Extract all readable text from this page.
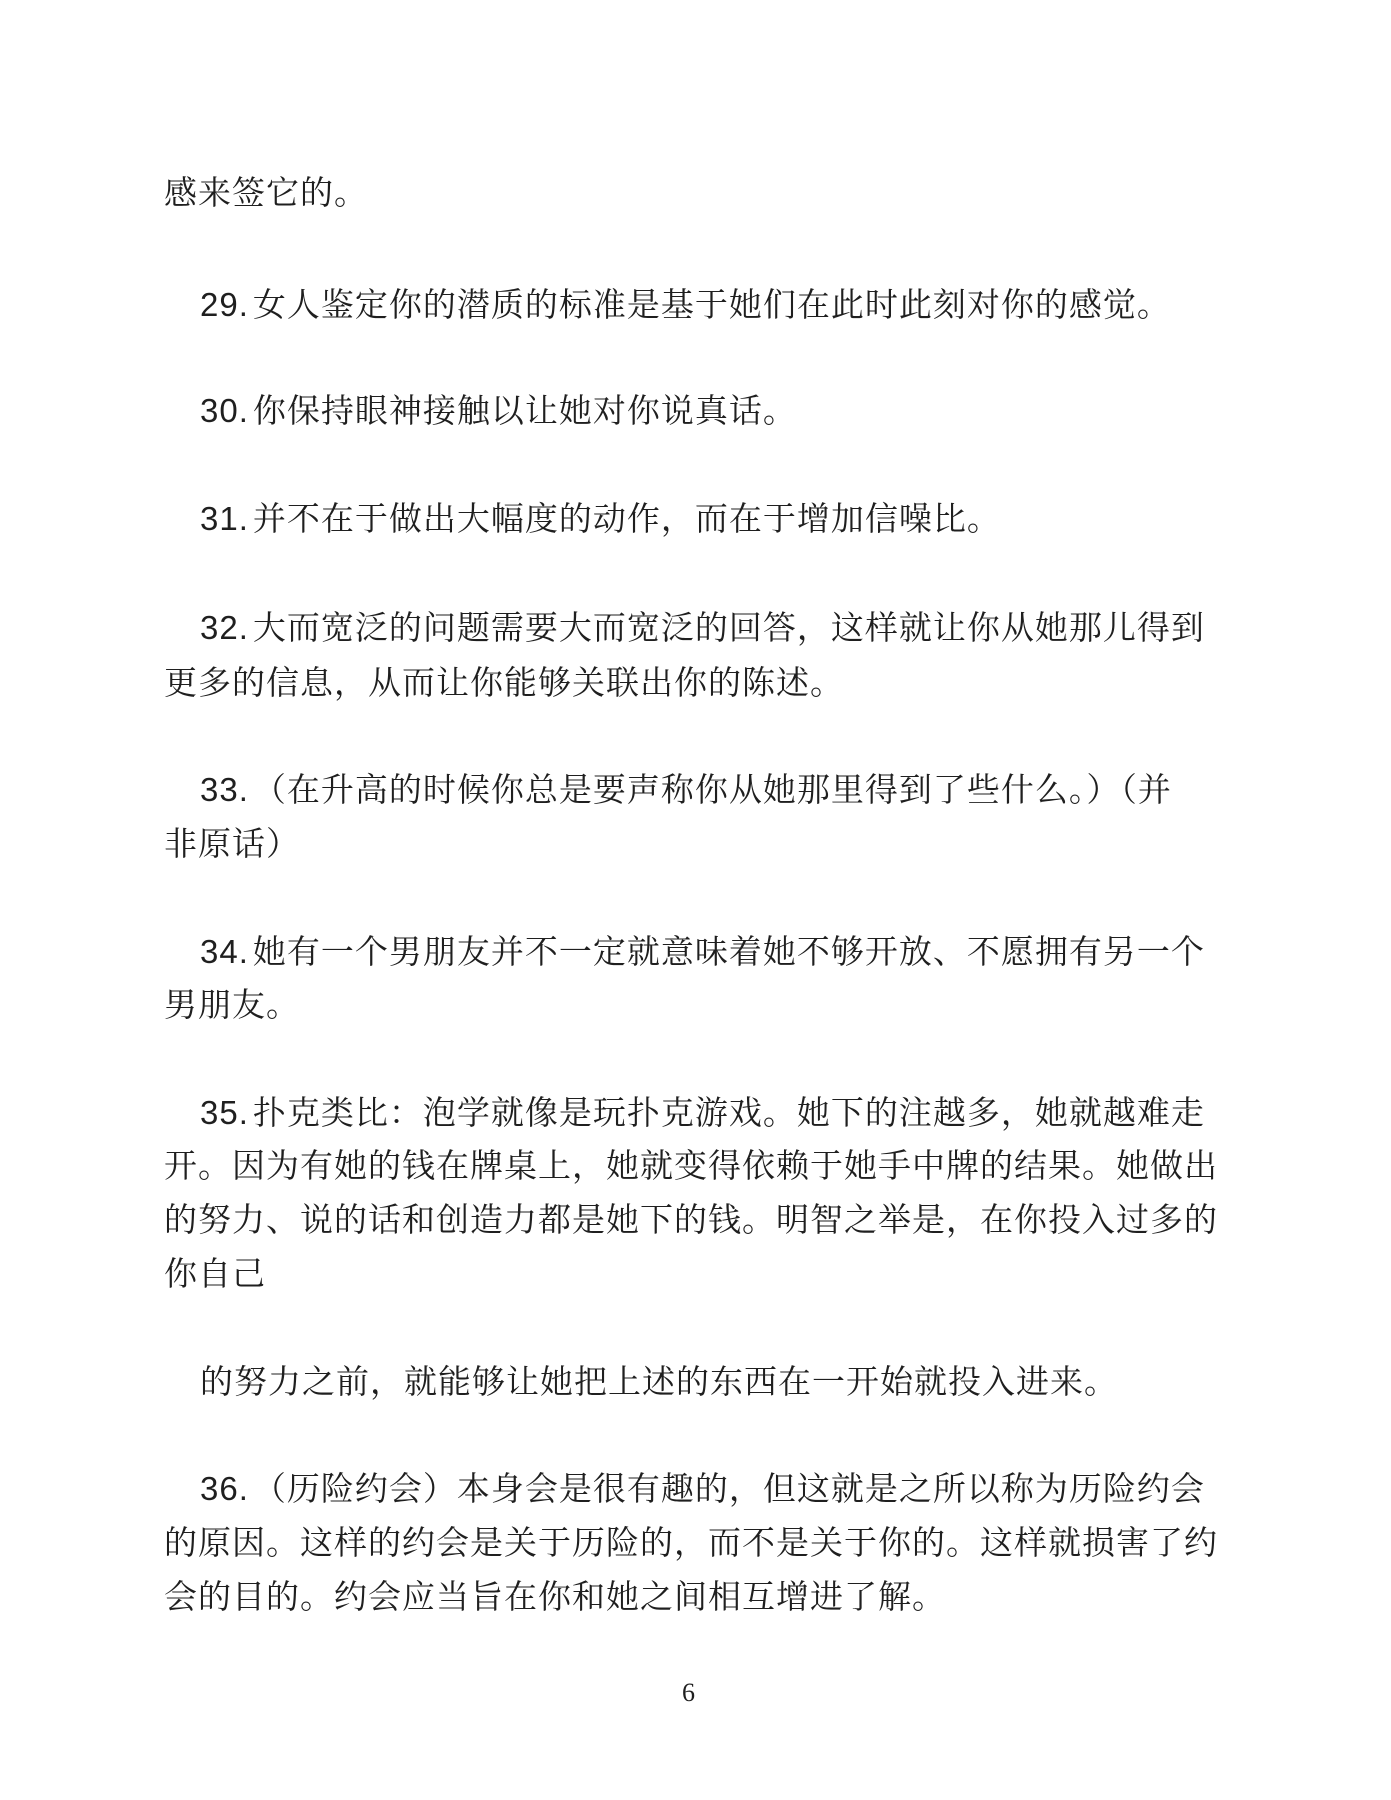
感来签它的。
29. 女人鉴定你的潜质的标准是基于她们在此时此刻对你的感觉。
30. 你保持眼神接触以让她对你说真话。
31. 并不在于做出大幅度的动作，而在于增加信噪比。
32. 大而宽泛的问题需要大而宽泛的回答，这样就让你从她那儿得到
更多的信息，从而让你能够关联出你的陈述。
33. （在升高的时候你总是要声称你从她那里得到了些什么。）（并
非原话）
34. 她有一个男朋友并不一定就意味着她不够开放、不愿拥有另一个
男朋友。
35. 扑克类比：泡学就像是玩扑克游戏。她下的注越多，她就越难走
开。因为有她的钱在牌桌上，她就变得依赖于她手中牌的结果。她做出
的努力、说的话和创造力都是她下的钱。明智之举是，在你投入过多的
你自己
的努力之前，就能够让她把上述的东西在一开始就投入进来。
36. （历险约会）本身会是很有趣的，但这就是之所以称为历险约会
的原因。这样的约会是关于历险的，而不是关于你的。这样就损害了约
会的目的。约会应当旨在你和她之间相互增进了解。
6
